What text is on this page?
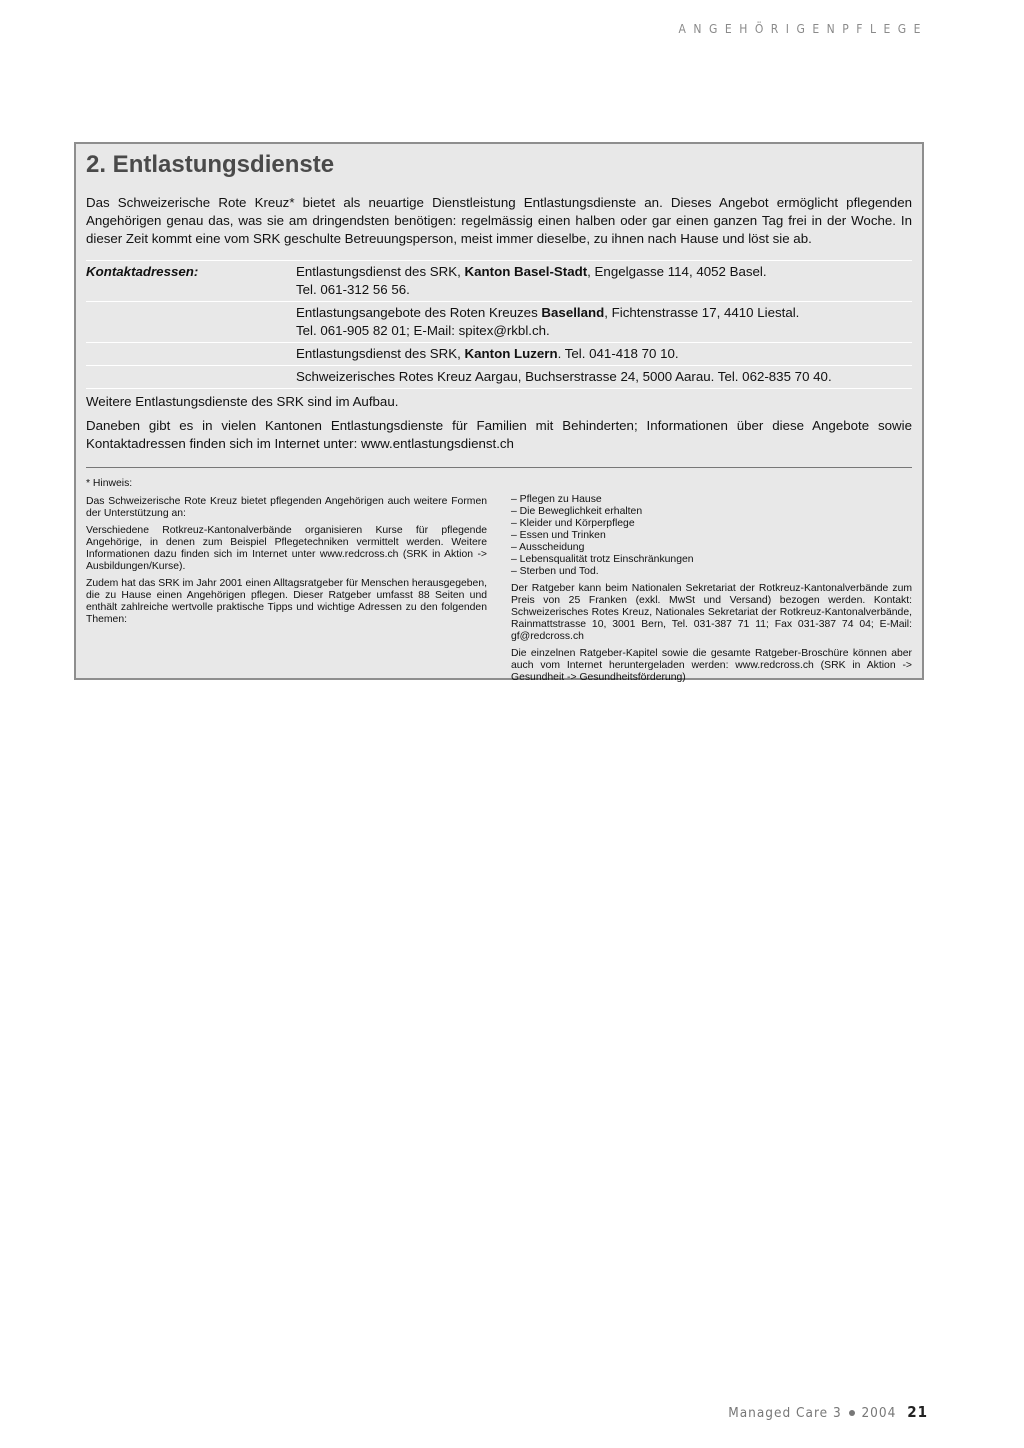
ANGEHÖRIGENPFLEGE
2. Entlastungsdienste

Das Schweizerische Rote Kreuz* bietet als neuartige Dienstleistung Entlastungsdienste an. Dieses Angebot ermöglicht pflegenden Angehörigen genau das, was sie am dringendsten benötigen: regelmässig einen halben oder gar einen ganzen Tag frei in der Woche. In dieser Zeit kommt eine vom SRK geschulte Betreuungsperson, meist immer dieselbe, zu ihnen nach Hause und löst sie ab.

Kontaktadressen:	Entlastungsdienst des SRK, Kanton Basel-Stadt, Engelgasse 114, 4052 Basel.
Tel. 061-312 56 56.
Entlastungsangebote des Roten Kreuzes Baselland, Fichtenstrasse 17, 4410 Liestal.
Tel. 061-905 82 01; E-Mail: spitex@rkbl.ch.
Entlastungsdienst des SRK, Kanton Luzern. Tel. 041-418 70 10.
Schweizerisches Rotes Kreuz Aargau, Buchserstrasse 24, 5000 Aarau. Tel. 062-835 70 40.

Weitere Entlastungsdienste des SRK sind im Aufbau.

Daneben gibt es in vielen Kantonen Entlastungsdienste für Familien mit Behinderten; Informationen über diese Angebote sowie Kontaktadressen finden sich im Internet unter: www.entlastungsdienst.ch

* Hinweis:

Das Schweizerische Rote Kreuz bietet pflegenden Angehörigen auch weitere Formen der Unterstützung an:

Verschiedene Rotkreuz-Kantonalverbände organisieren Kurse für pflegende Angehörige, in denen zum Beispiel Pflegetechniken vermittelt werden. Weitere Informationen dazu finden sich im Internet unter www.redcross.ch (SRK in Aktion -> Ausbildungen/Kurse).

Zudem hat das SRK im Jahr 2001 einen Alltagsratgeber für Menschen herausgegeben, die zu Hause einen Angehörigen pflegen. Dieser Ratgeber umfasst 88 Seiten und enthält zahlreiche wertvolle praktische Tipps und wichtige Adressen zu den folgenden Themen:

– Pflegen zu Hause
– Die Beweglichkeit erhalten
– Kleider und Körperpflege
– Essen und Trinken
– Ausscheidung
– Lebensqualität trotz Einschränkungen
– Sterben und Tod.

Der Ratgeber kann beim Nationalen Sekretariat der Rotkreuz-Kantonalverbände zum Preis von 25 Franken (exkl. MwSt und Versand) bezogen werden. Kontakt: Schweizerisches Rotes Kreuz, Nationales Sekretariat der Rotkreuz-Kantonalverbände, Rainmattstrasse 10, 3001 Bern, Tel. 031-387 71 11; Fax 031-387 74 04; E-Mail: gf@redcross.ch

Die einzelnen Ratgeber-Kapitel sowie die gesamte Ratgeber-Broschüre können aber auch vom Internet heruntergeladen werden: www.redcross.ch (SRK in Aktion -> Gesundheit -> Gesundheitsförderung)

Managed Care 3 2004 21
